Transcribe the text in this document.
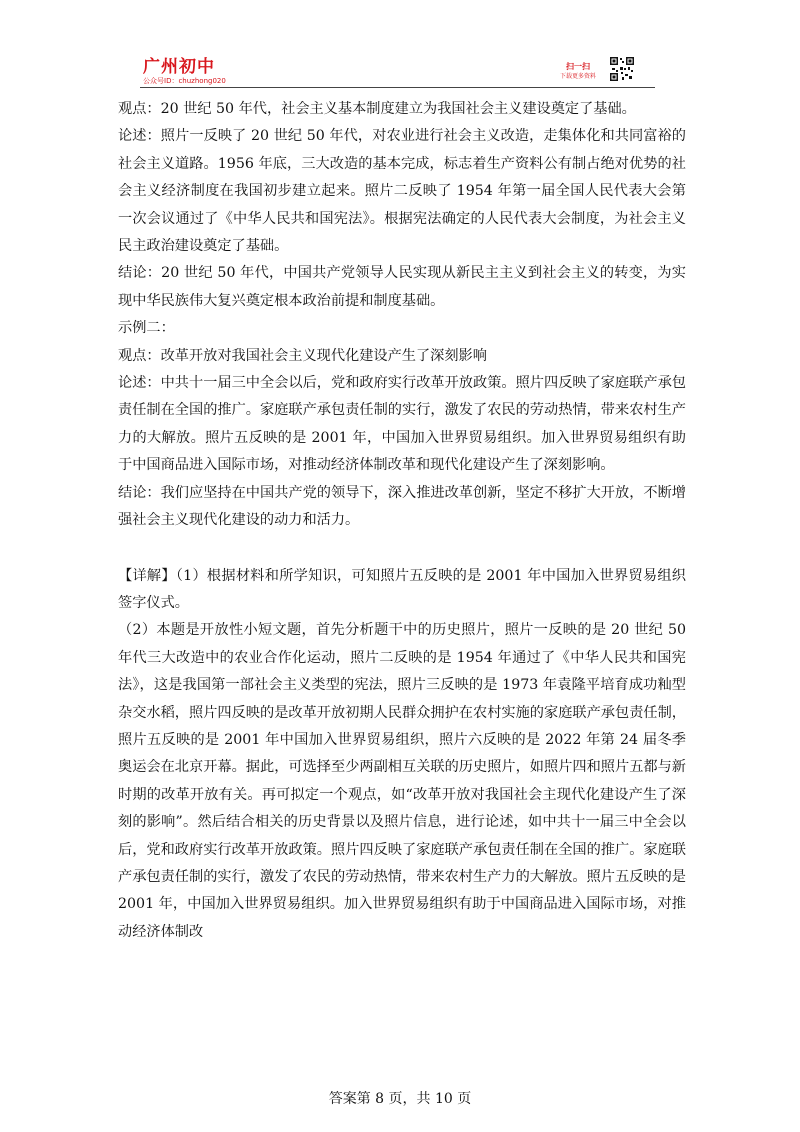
广州初中
公众号ID：chuzhong020
扫一扫
下载更多资料

观点：20 世纪 50 年代，社会主义基本制度建立为我国社会主义建设奠定了基础。

论述：照片一反映了 20 世纪 50 年代，对农业进行社会主义改造，走集体化和共同富裕的社会主义道路。1956 年底，三大改造的基本完成，标志着生产资料公有制占绝对优势的社会主义经济制度在我国初步建立起来。照片二反映了 1954 年第一届全国人民代表大会第一次会议通过了《中华人民共和国宪法》。根据宪法确定的人民代表大会制度，为社会主义民主政治建设奠定了基础。

结论：20 世纪 50 年代，中国共产党领导人民实现从新民主主义到社会主义的转变，为实现中华民族伟大复兴奠定根本政治前提和制度基础。

示例二：

观点：改革开放对我国社会主义现代化建设产生了深刻影响

论述：中共十一届三中全会以后，党和政府实行改革开放政策。照片四反映了家庭联产承包责任制在全国的推广。家庭联产承包责任制的实行，激发了农民的劳动热情，带来农村生产力的大解放。照片五反映的是 2001 年，中国加入世界贸易组织。加入世界贸易组织有助于中国商品进入国际市场，对推动经济体制改革和现代化建设产生了深刻影响。

结论：我们应坚持在中国共产党的领导下，深入推进改革创新，坚定不移扩大开放，不断增强社会主义现代化建设的动力和活力。

【详解】（1）根据材料和所学知识，可知照片五反映的是 2001 年中国加入世界贸易组织签字仪式。

（2）本题是开放性小短文题，首先分析题干中的历史照片，照片一反映的是 20 世纪 50 年代三大改造中的农业合作化运动，照片二反映的是 1954 年通过了《中华人民共和国宪法》，这是我国第一部社会主义类型的宪法，照片三反映的是 1973 年袁隆平培育成功籼型杂交水稻，照片四反映的是改革开放初期人民群众拥护在农村实施的家庭联产承包责任制，照片五反映的是 2001 年中国加入世界贸易组织，照片六反映的是 2022 年第 24 届冬季奥运会在北京开幕。据此，可选择至少两副相互关联的历史照片，如照片四和照片五都与新时期的改革开放有关。再可拟定一个观点，如“改革开放对我国社会主现代化建设产生了深刻的影响”。然后结合相关的历史背景以及照片信息，进行论述，如中共十一届三中全会以后，党和政府实行改革开放政策。照片四反映了家庭联产承包责任制在全国的推广。家庭联产承包责任制的实行，激发了农民的劳动热情，带来农村生产力的大解放。照片五反映的是 2001 年，中国加入世界贸易组织。加入世界贸易组织有助于中国商品进入国际市场，对推动经济体制改

答案第 8 页，共 10 页
